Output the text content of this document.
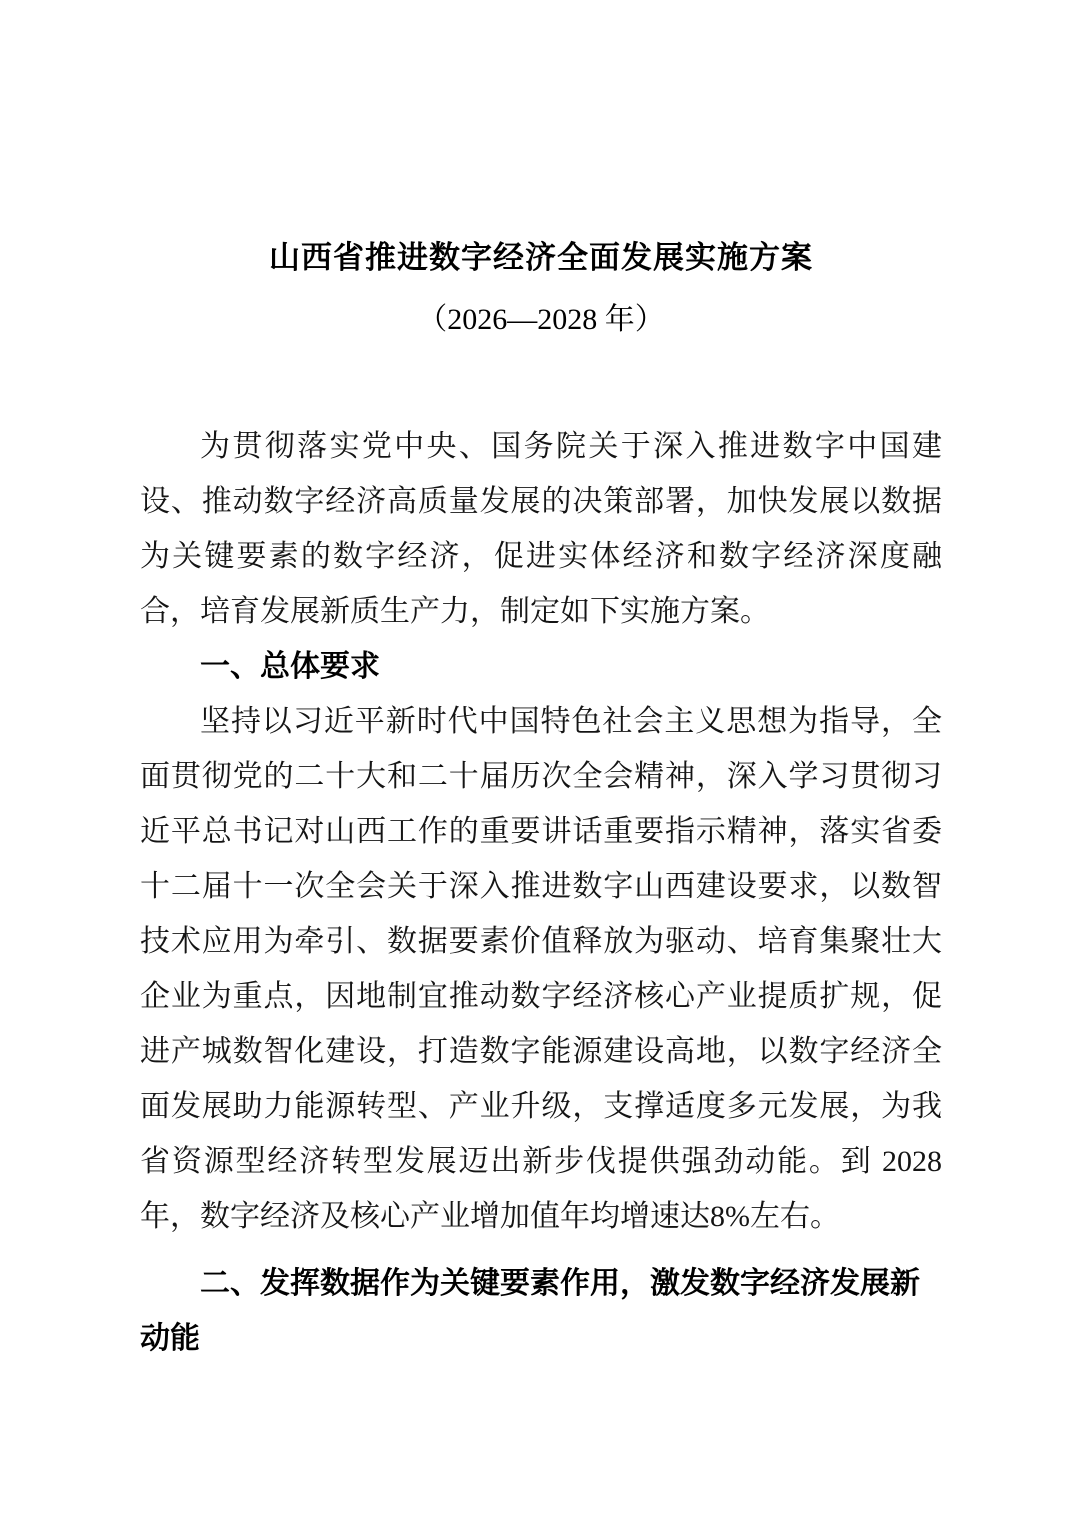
山西省推进数字经济全面发展实施方案
（2026—2028 年）

为贯彻落实党中央、国务院关于深入推进数字中国建设、推动数字经济高质量发展的决策部署，加快发展以数据为关键要素的数字经济，促进实体经济和数字经济深度融合，培育发展新质生产力，制定如下实施方案。

一、总体要求

坚持以习近平新时代中国特色社会主义思想为指导，全面贯彻党的二十大和二十届历次全会精神，深入学习贯彻习近平总书记对山西工作的重要讲话重要指示精神，落实省委十二届十一次全会关于深入推进数字山西建设要求，以数智技术应用为牵引、数据要素价值释放为驱动、培育集聚壮大企业为重点，因地制宜推动数字经济核心产业提质扩规，促进产城数智化建设，打造数字能源建设高地，以数字经济全面发展助力能源转型、产业升级，支撑适度多元发展，为我省资源型经济转型发展迈出新步伐提供强劲动能。到 2028 年，数字经济及核心产业增加值年均增速达8%左右。

二、发挥数据作为关键要素作用，激发数字经济发展新动能
